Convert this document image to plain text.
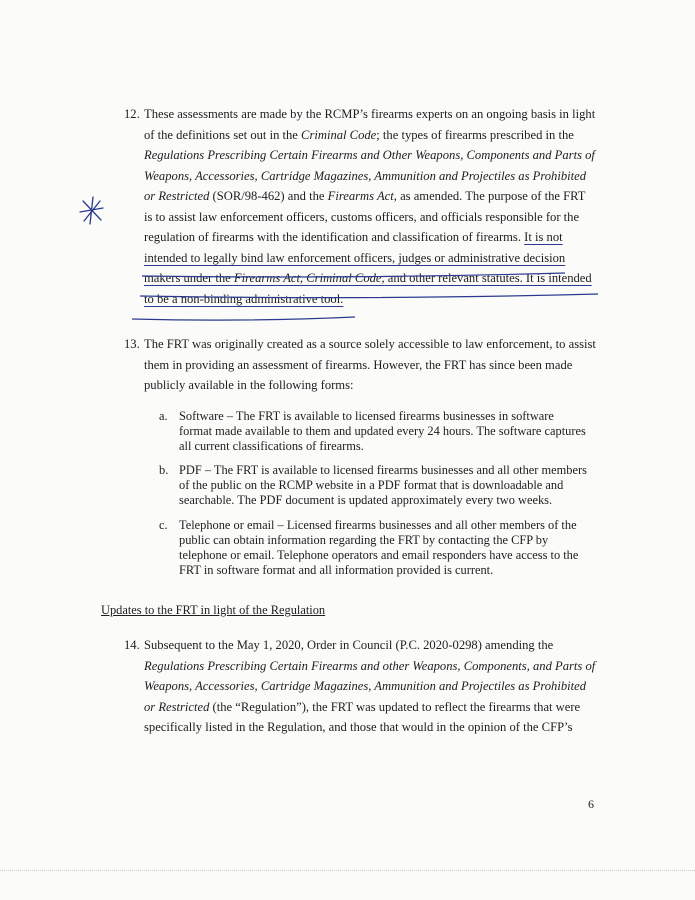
12. These assessments are made by the RCMP’s firearms experts on an ongoing basis in light
of the definitions set out in the Criminal Code; the types of firearms prescribed in the
Regulations Prescribing Certain Firearms and Other Weapons, Components and Parts of
Weapons, Accessories, Cartridge Magazines, Ammunition and Projectiles as Prohibited
or Restricted (SOR/98-462) and the Firearms Act, as amended. The purpose of the FRT
is to assist law enforcement officers, customs officers, and officials responsible for the
regulation of firearms with the identification and classification of firearms. It is not
intended to legally bind law enforcement officers, judges or administrative decision
makers under the Firearms Act, Criminal Code, and other relevant statutes. It is intended
to be a non-binding administrative tool.
13. The FRT was originally created as a source solely accessible to law enforcement, to assist
them in providing an assessment of firearms. However, the FRT has since been made
publicly available in the following forms:
a. Software – The FRT is available to licensed firearms businesses in software
format made available to them and updated every 24 hours. The software captures
all current classifications of firearms.
b. PDF – The FRT is available to licensed firearms businesses and all other members
of the public on the RCMP website in a PDF format that is downloadable and
searchable. The PDF document is updated approximately every two weeks.
c. Telephone or email – Licensed firearms businesses and all other members of the
public can obtain information regarding the FRT by contacting the CFP by
telephone or email. Telephone operators and email responders have access to the
FRT in software format and all information provided is current.
Updates to the FRT in light of the Regulation
14. Subsequent to the May 1, 2020, Order in Council (P.C. 2020-0298) amending the
Regulations Prescribing Certain Firearms and other Weapons, Components, and Parts of
Weapons, Accessories, Cartridge Magazines, Ammunition and Projectiles as Prohibited
or Restricted (the “Regulation”), the FRT was updated to reflect the firearms that were
specifically listed in the Regulation, and those that would in the opinion of the CFP’s
6
